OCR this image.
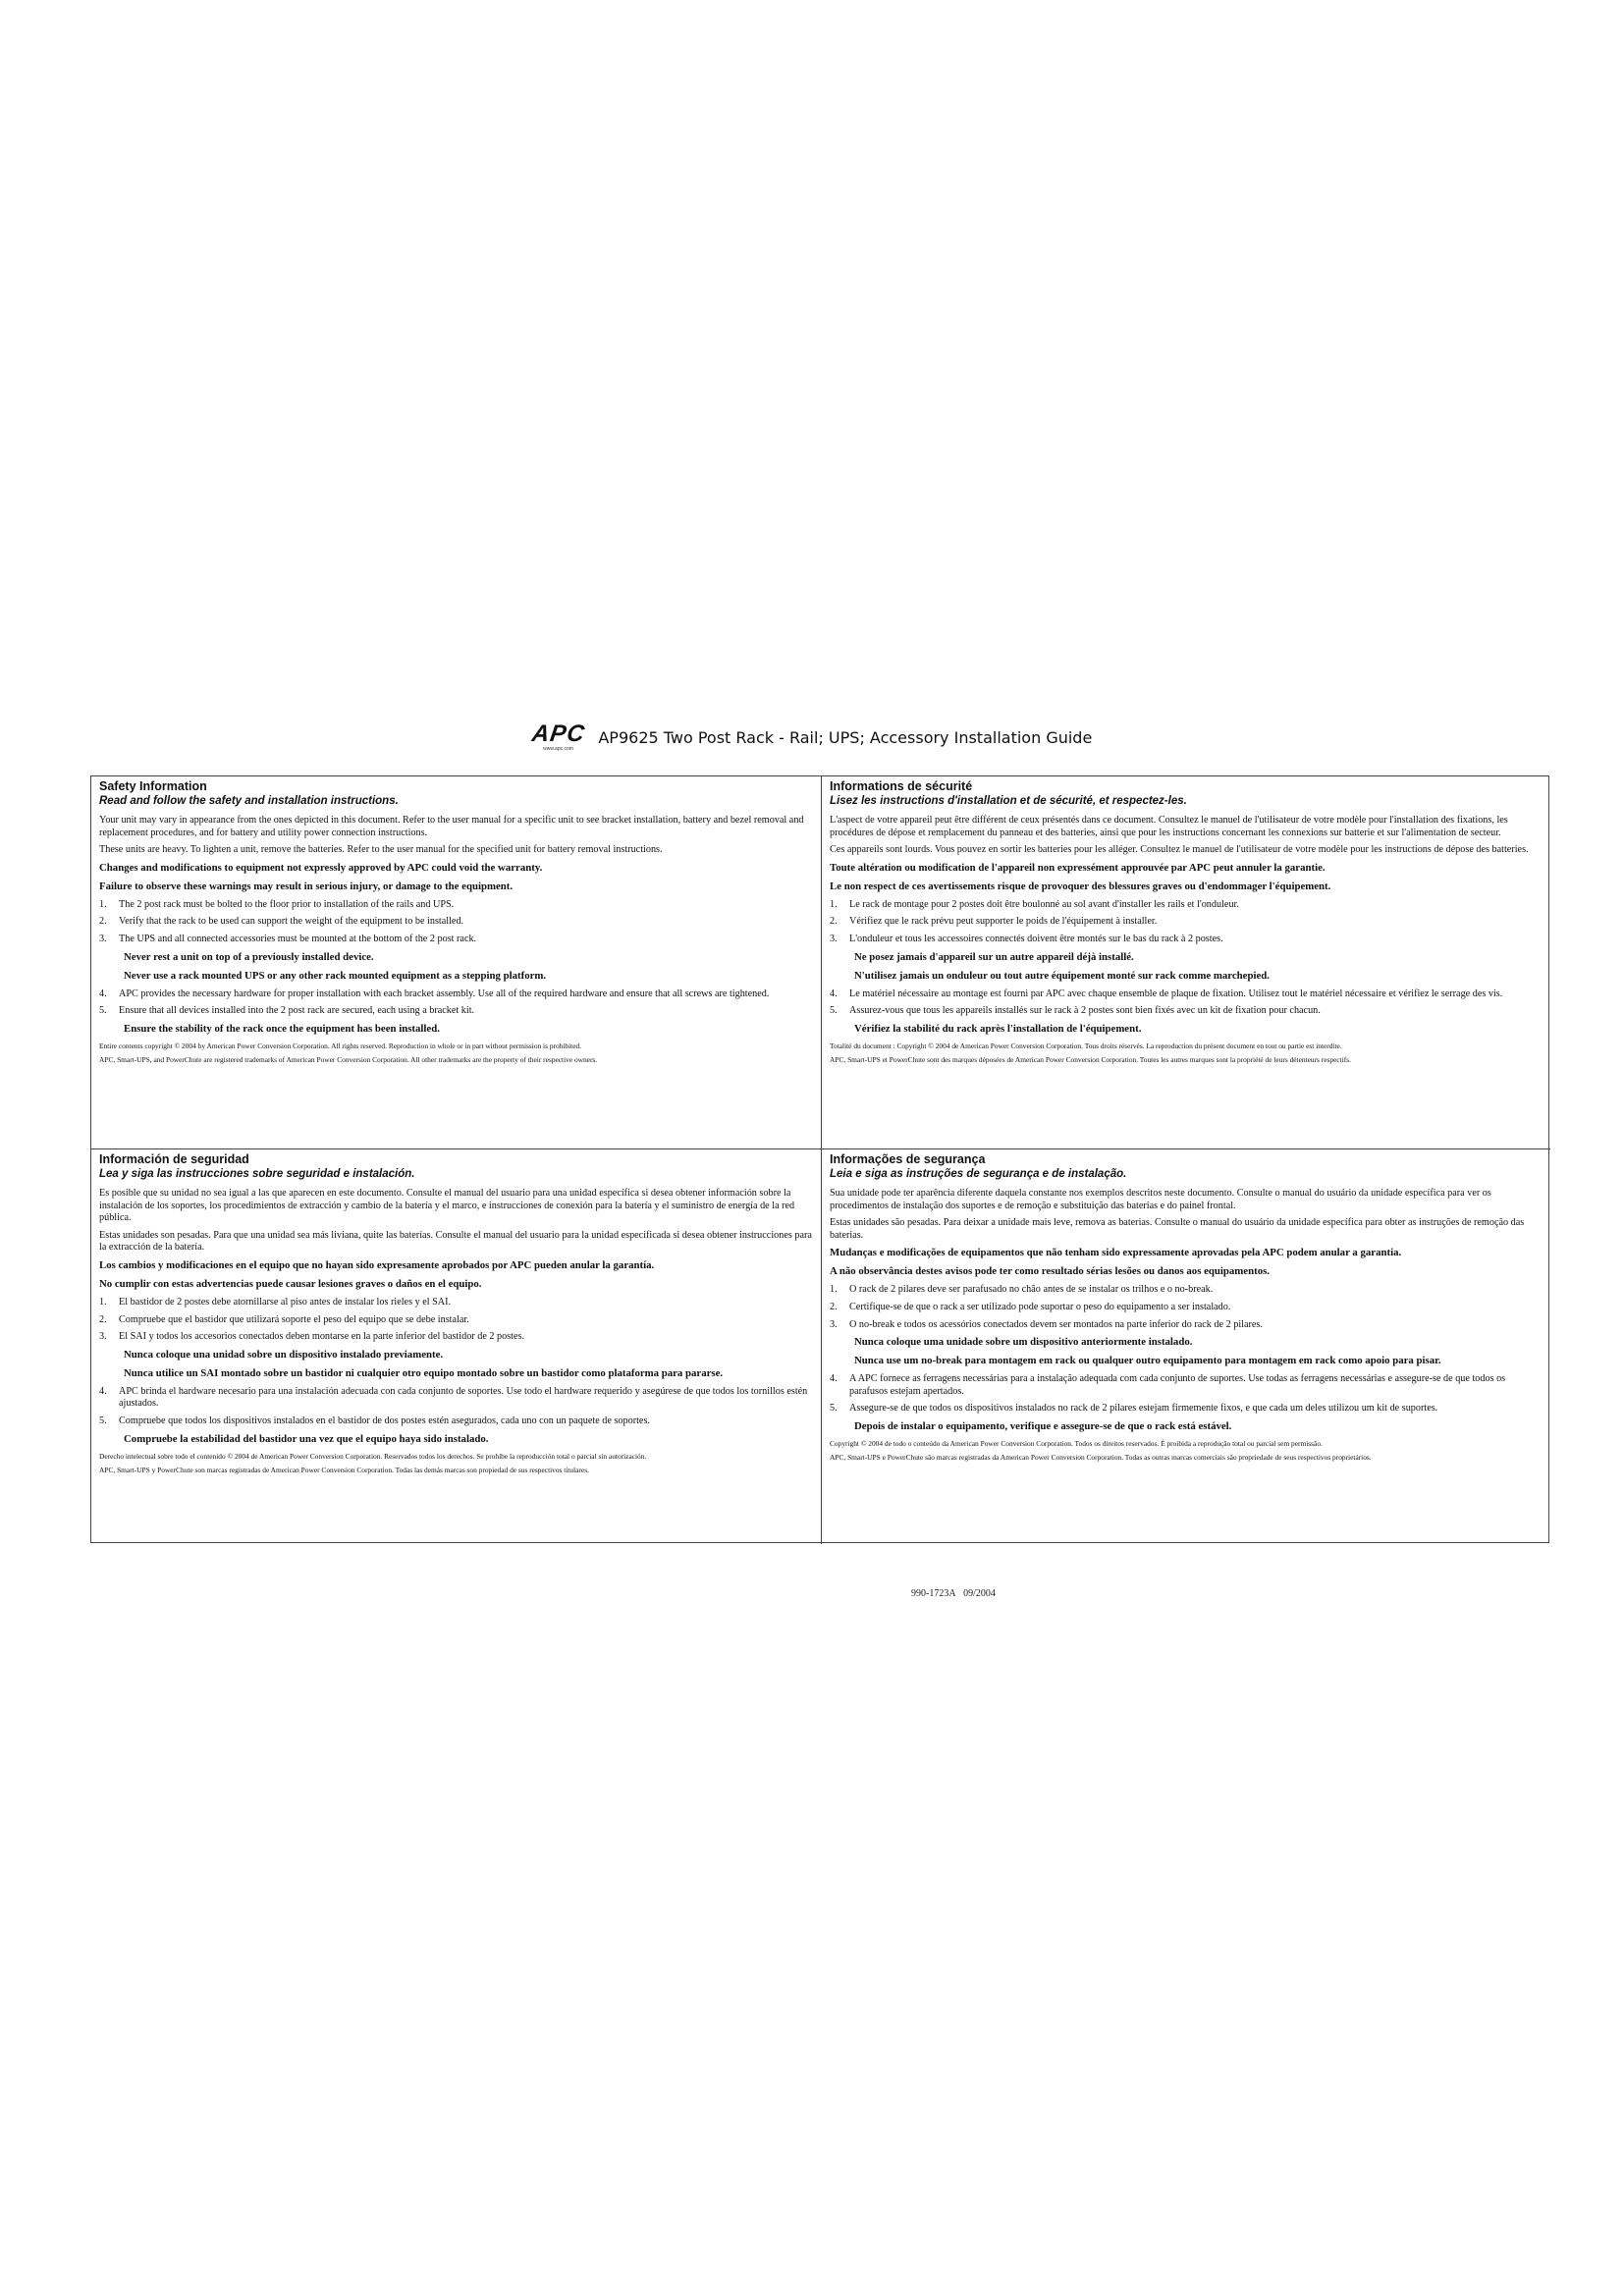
APC
www.apc.com
AP9625 Two Post Rack - Rail; UPS; Accessory Installation Guide
Safety Information

Read and follow the safety and installation instructions.

Your unit may vary in appearance from the ones depicted in this document. Refer to the user manual for a specific unit to see bracket installation, battery and bezel removal and replacement procedures, and for battery and utility power connection instructions.

These units are heavy. To lighten a unit, remove the batteries. Refer to the user manual for the specified unit for battery removal instructions.

Changes and modifications to equipment not expressly approved by APC could void the warranty.

Failure to observe these warnings may result in serious injury, or damage to the equipment.

1.	The 2 post rack must be bolted to the floor prior to installation of the rails and UPS.
2.	Verify that the rack to be used can support the weight of the equipment to be installed.
3.	The UPS and all connected accessories must be mounted at the bottom of the 2 post rack.

Never rest a unit on top of a previously installed device.

Never use a rack mounted UPS or any other rack mounted equipment as a stepping platform.

4.	APC provides the necessary hardware for proper installation with each bracket assembly. Use all of the required hardware and ensure that all screws are tightened.
5.	Ensure that all devices installed into the 2 post rack are secured, each using a bracket kit.

Ensure the stability of the rack once the equipment has been installed.

Entire contents copyright © 2004 by American Power Conversion Corporation. All rights reserved. Reproduction in whole or in part without permission is prohibited.

APC, Smart-UPS, and PowerChute are registered trademarks of American Power Conversion Corporation. All other trademarks are the property of their respective owners.

Informations de sécurité

Lisez les instructions d'installation et de sécurité, et respectez-les.

L'aspect de votre appareil peut être différent de ceux présentés dans ce document. Consultez le manuel de l'utilisateur de votre modèle pour l'installation des fixations, les procédures de dépose et remplacement du panneau et des batteries, ainsi que pour les instructions concernant les connexions sur batterie et sur l'alimentation de secteur.

Ces appareils sont lourds. Vous pouvez en sortir les batteries pour les alléger. Consultez le manuel de l'utilisateur de votre modèle pour les instructions de dépose des batteries.

Toute altération ou modification de l'appareil non expressément approuvée par APC peut annuler la garantie.

Le non respect de ces avertissements risque de provoquer des blessures graves ou d'endommager l'équipement.

1.	Le rack de montage pour 2 postes doit être boulonné au sol avant d'installer les rails et l'onduleur.
2.	Vérifiez que le rack prévu peut supporter le poids de l'équipement à installer.
3.	L'onduleur et tous les accessoires connectés doivent être montés sur le bas du rack à 2 postes.

Ne posez jamais d'appareil sur un autre appareil déjà installé.

N'utilisez jamais un onduleur ou tout autre équipement monté sur rack comme marchepied.

4.	Le matériel nécessaire au montage est fourni par APC avec chaque ensemble de plaque de fixation. Utilisez tout le matériel nécessaire et vérifiez le serrage des vis.
5.	Assurez-vous que tous les appareils installés sur le rack à 2 postes sont bien fixés avec un kit de fixation pour chacun.

Vérifiez la stabilité du rack après l'installation de l'équipement.

Totalité du document : Copyright © 2004 de American Power Conversion Corporation. Tous droits réservés. La reproduction du présent document en tout ou partie est interdite.

APC, Smart-UPS et PowerChute sont des marques déposées de American Power Conversion Corporation. Toutes les autres marques sont la propriété de leurs détenteurs respectifs.

Información de seguridad

Lea y siga las instrucciones sobre seguridad e instalación.

Es posible que su unidad no sea igual a las que aparecen en este documento. Consulte el manual del usuario para una unidad específica si desea obtener información sobre la instalación de los soportes, los procedimientos de extracción y cambio de la batería y el marco, e instrucciones de conexión para la batería y el suministro de energía de la red pública.

Estas unidades son pesadas. Para que una unidad sea más liviana, quite las baterías. Consulte el manual del usuario para la unidad especificada si desea obtener instrucciones para la extracción de la batería.

Los cambios y modificaciones en el equipo que no hayan sido expresamente aprobados por APC pueden anular la garantía.

No cumplir con estas advertencias puede causar lesiones graves o daños en el equipo.

1.	El bastidor de 2 postes debe atornillarse al piso antes de instalar los rieles y el SAI.
2.	Compruebe que el bastidor que utilizará soporte el peso del equipo que se debe instalar.
3.	El SAI y todos los accesorios conectados deben montarse en la parte inferior del bastidor de 2 postes.

Nunca coloque una unidad sobre un dispositivo instalado previamente.

Nunca utilice un SAI montado sobre un bastidor ni cualquier otro equipo montado sobre un bastidor como plataforma para pararse.

4.	APC brinda el hardware necesario para una instalación adecuada con cada conjunto de soportes. Use todo el hardware requerido y asegúrese de que todos los tornillos estén ajustados.
5.	Compruebe que todos los dispositivos instalados en el bastidor de dos postes estén asegurados, cada uno con un paquete de soportes.

Compruebe la estabilidad del bastidor una vez que el equipo haya sido instalado.

Derecho intelectual sobre todo el contenido © 2004 de American Power Conversion Corporation. Reservados todos los derechos. Se prohíbe la reproducción total o parcial sin autorización.

APC, Smart-UPS y PowerChute son marcas registradas de American Power Conversion Corporation. Todas las demás marcas son propiedad de sus respectivos titulares.

Informações de segurança

Leia e siga as instruções de segurança e de instalação.

Sua unidade pode ter aparência diferente daquela constante nos exemplos descritos neste documento. Consulte o manual do usuário da unidade específica para ver os procedimentos de instalação dos suportes e de remoção e substituição das baterias e do painel frontal.

Estas unidades são pesadas. Para deixar a unidade mais leve, remova as baterias. Consulte o manual do usuário da unidade específica para obter as instruções de remoção das baterias.

Mudanças e modificações de equipamentos que não tenham sido expressamente aprovadas pela APC podem anular a garantia.

A não observância destes avisos pode ter como resultado sérias lesões ou danos aos equipamentos.

1.	O rack de 2 pilares deve ser parafusado no chão antes de se instalar os trilhos e o no-break.
2.	Certifique-se de que o rack a ser utilizado pode suportar o peso do equipamento a ser instalado.
3.	O no-break e todos os acessórios conectados devem ser montados na parte inferior do rack de 2 pilares.

Nunca coloque uma unidade sobre um dispositivo anteriormente instalado.

Nunca use um no-break para montagem em rack ou qualquer outro equipamento para montagem em rack como apoio para pisar.

4.	A APC fornece as ferragens necessárias para a instalação adequada com cada conjunto de suportes. Use todas as ferragens necessárias e assegure-se de que todos os parafusos estejam apertados.
5.	Assegure-se de que todos os dispositivos instalados no rack de 2 pilares estejam firmemente fixos, e que cada um deles utilizou um kit de suportes.

Depois de instalar o equipamento, verifique e assegure-se de que o rack está estável.

Copyright © 2004 de todo o conteúdo da American Power Conversion Corporation. Todos os direitos reservados. É proibida a reprodução total ou parcial sem permissão.

APC, Smart-UPS e PowerChute são marcas registradas da American Power Conversion Corporation. Todas as outras marcas comerciais são propriedade de seus respectivos proprietários.

990-1723A 09/2004
